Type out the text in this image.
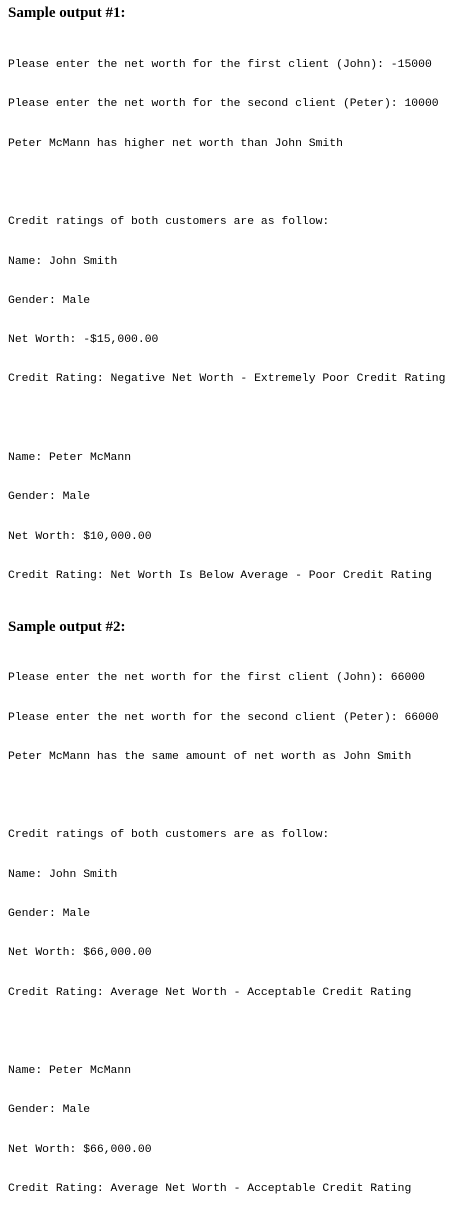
Sample output #1:

Please enter the net worth for the first client (John): -15000

Please enter the net worth for the second client (Peter): 10000

Peter McMann has higher net worth than John Smith

Credit ratings of both customers are as follow:

Name: John Smith

Gender: Male

Net Worth: -$15,000.00

Credit Rating: Negative Net Worth - Extremely Poor Credit Rating

Name: Peter McMann

Gender: Male

Net Worth: $10,000.00

Credit Rating: Net Worth Is Below Average - Poor Credit Rating

Sample output #2:

Please enter the net worth for the first client (John): 66000

Please enter the net worth for the second client (Peter): 66000

Peter McMann has the same amount of net worth as John Smith

Credit ratings of both customers are as follow:

Name: John Smith

Gender: Male

Net Worth: $66,000.00

Credit Rating: Average Net Worth - Acceptable Credit Rating

Name: Peter McMann

Gender: Male

Net Worth: $66,000.00

Credit Rating: Average Net Worth - Acceptable Credit Rating
